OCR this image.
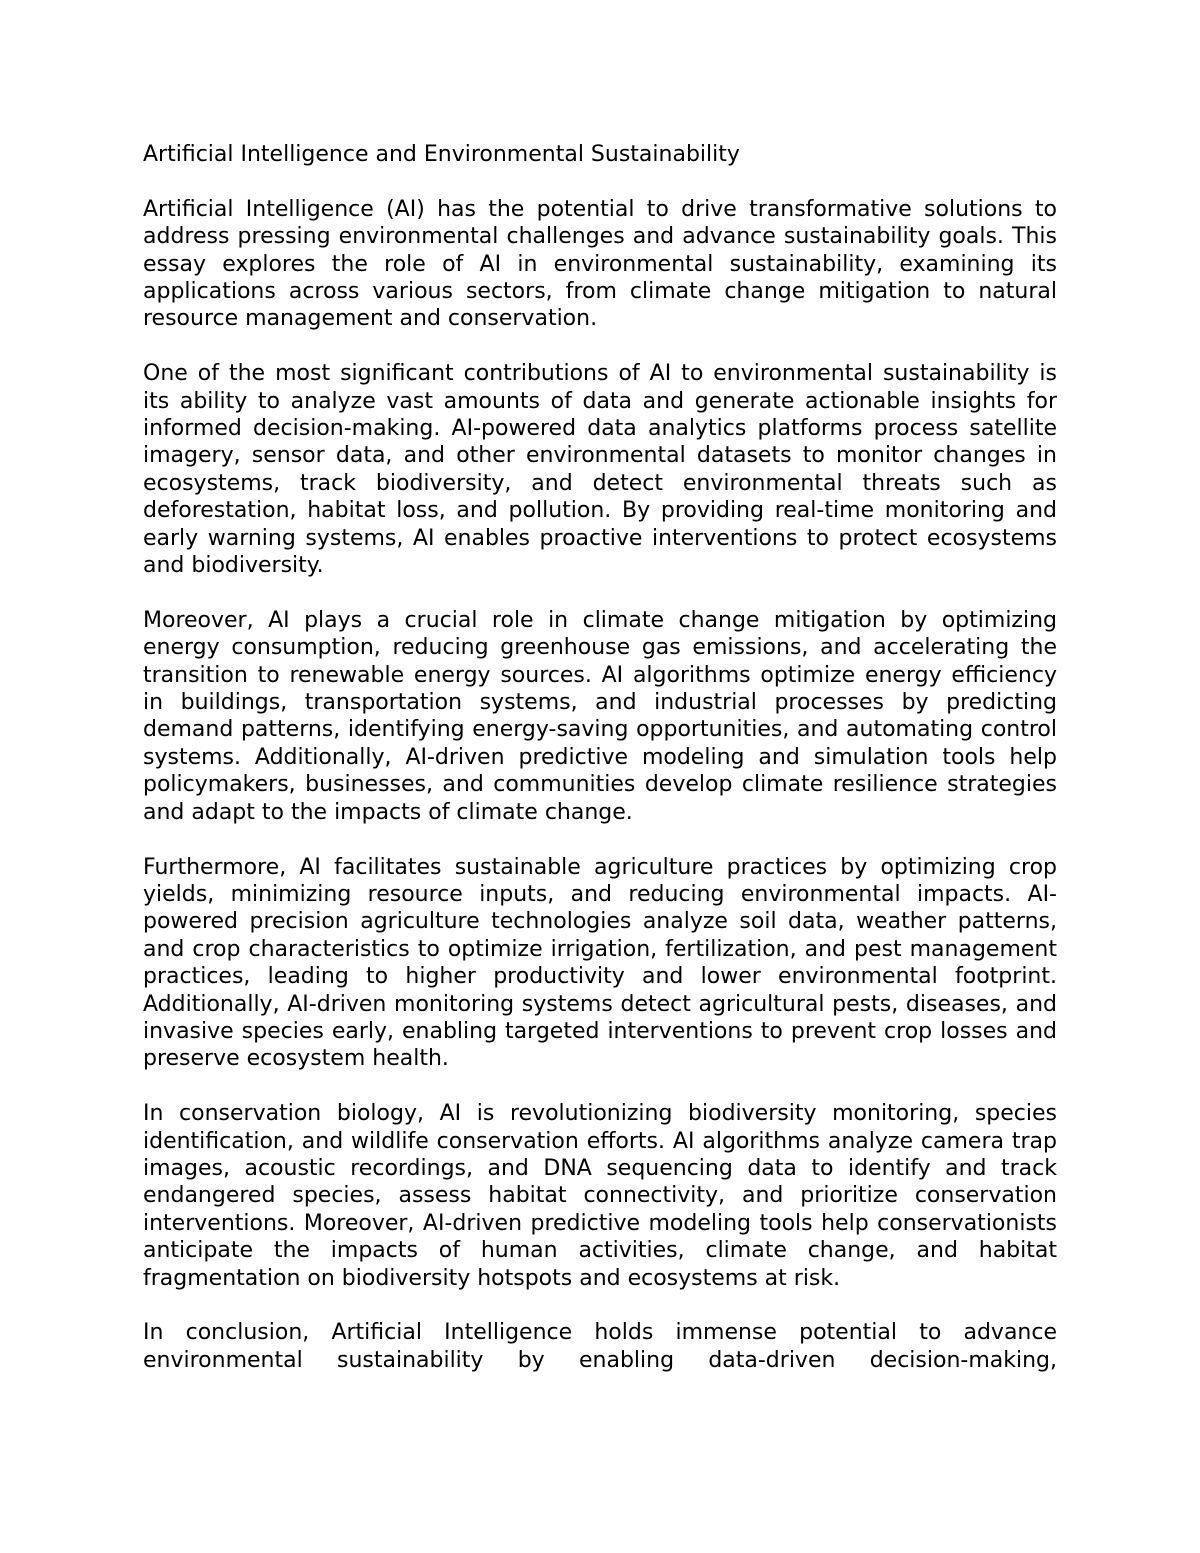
Artificial Intelligence and Environmental Sustainability

Artificial Intelligence (AI) has the potential to drive transformative solutions to address pressing environmental challenges and advance sustainability goals. This essay explores the role of AI in environmental sustainability, examining its applications across various sectors, from climate change mitigation to natural resource management and conservation.

One of the most significant contributions of AI to environmental sustainability is its ability to analyze vast amounts of data and generate actionable insights for informed decision-making. AI-powered data analytics platforms process satellite imagery, sensor data, and other environmental datasets to monitor changes in ecosystems, track biodiversity, and detect environmental threats such as deforestation, habitat loss, and pollution. By providing real-time monitoring and early warning systems, AI enables proactive interventions to protect ecosystems and biodiversity.

Moreover, AI plays a crucial role in climate change mitigation by optimizing energy consumption, reducing greenhouse gas emissions, and accelerating the transition to renewable energy sources. AI algorithms optimize energy efficiency in buildings, transportation systems, and industrial processes by predicting demand patterns, identifying energy-saving opportunities, and automating control systems. Additionally, AI-driven predictive modeling and simulation tools help policymakers, businesses, and communities develop climate resilience strategies and adapt to the impacts of climate change.

Furthermore, AI facilitates sustainable agriculture practices by optimizing crop yields, minimizing resource inputs, and reducing environmental impacts. AI-powered precision agriculture technologies analyze soil data, weather patterns, and crop characteristics to optimize irrigation, fertilization, and pest management practices, leading to higher productivity and lower environmental footprint. Additionally, AI-driven monitoring systems detect agricultural pests, diseases, and invasive species early, enabling targeted interventions to prevent crop losses and preserve ecosystem health.

In conservation biology, AI is revolutionizing biodiversity monitoring, species identification, and wildlife conservation efforts. AI algorithms analyze camera trap images, acoustic recordings, and DNA sequencing data to identify and track endangered species, assess habitat connectivity, and prioritize conservation interventions. Moreover, AI-driven predictive modeling tools help conservationists anticipate the impacts of human activities, climate change, and habitat fragmentation on biodiversity hotspots and ecosystems at risk.

In conclusion, Artificial Intelligence holds immense potential to advance environmental sustainability by enabling data-driven decision-making,
